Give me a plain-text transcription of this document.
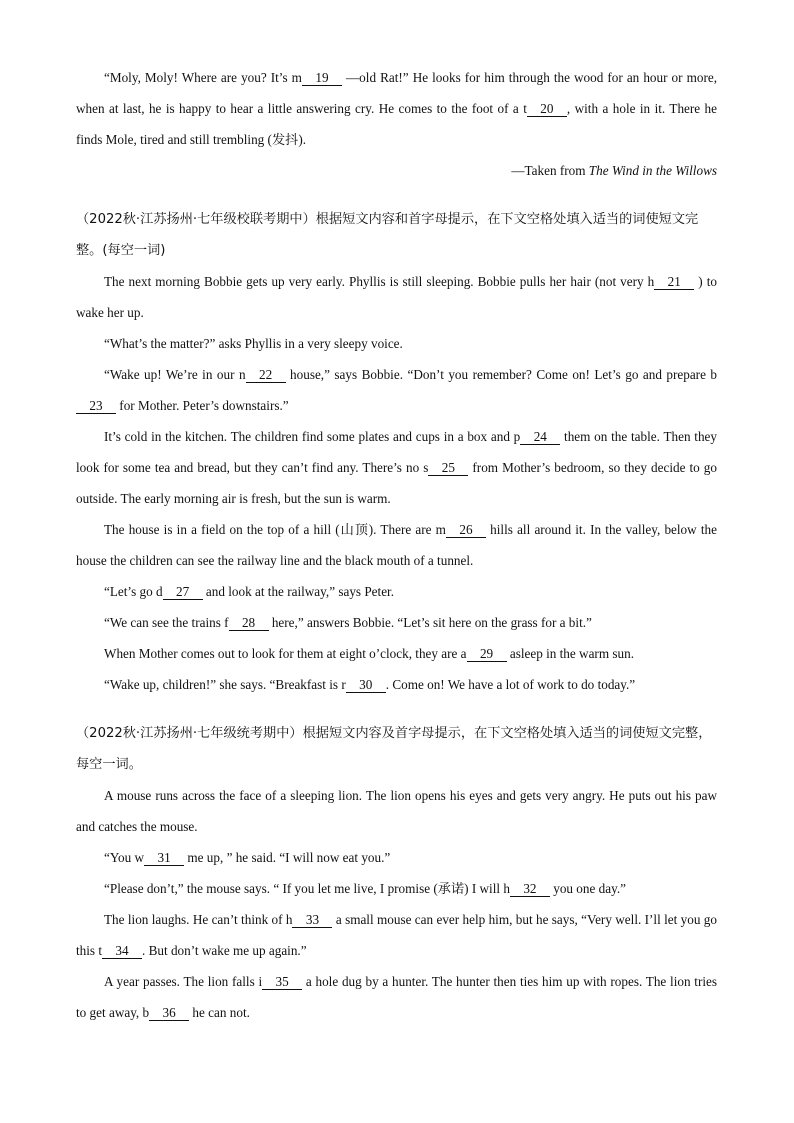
“Moly, Moly! Where are you? It’s m 19 —old Rat!” He looks for him through the wood for an hour or more, when at last, he is happy to hear a little answering cry. He comes to the foot of a t 20 , with a hole in it. There he finds Mole, tired and still trembling (发抖).

—Taken from The Wind in the Willows

（2022秋·江苏扬州·七年级校联考期中）根据短文内容和首字母提示，在下文空格处填入适当的词使短文完整。(每空一词)

The next morning Bobbie gets up very early. Phyllis is still sleeping. Bobbie pulls her hair (not very h 21 ) to wake her up.

“What’s the matter?” asks Phyllis in a very sleepy voice.

“Wake up! We’re in our n 22 house,” says Bobbie. “Don’t you remember? Come on! Let’s go and prepare b23 for Mother. Peter’s downstairs.”

It’s cold in the kitchen. The children find some plates and cups in a box and p 24 them on the table. Then they look for some tea and bread, but they can’t find any. There’s no s 25 from Mother’s bedroom, so they decide to go outside. The early morning air is fresh, but the sun is warm.

The house is in a field on the top of a hill (山顶). There are m 26 hills all around it. In the valley, below the house the children can see the railway line and the black mouth of a tunnel.

“Let’s go d 27 and look at the railway,” says Peter.

“We can see the trains f 28 here,” answers Bobbie. “Let’s sit here on the grass for a bit.”

When Mother comes out to look for them at eight o’clock, they are a 29 asleep in the warm sun.

“Wake up, children!” she says. “Breakfast is r 30 . Come on! We have a lot of work to do today.”

（2022秋·江苏扬州·七年级统考期中）根据短文内容及首字母提示，在下文空格处填入适当的词使短文完整，每空一词。

A mouse runs across the face of a sleeping lion. The lion opens his eyes and gets very angry. He puts out his paw and catches the mouse.

“You w 31 me up, ” he said. “I will now eat you.”

“Please don’t,” the mouse says. “ If you let me live, I promise (承诺) I will h 32 you one day.”

The lion laughs. He can’t think of h 33 a small mouse can ever help him, but he says, “Very well. I’ll let you go this t 34 . But don’t wake me up again.”

A year passes. The lion falls i 35 a hole dug by a hunter. The hunter then ties him up with ropes. The lion tries to get away, b 36 he can not.
